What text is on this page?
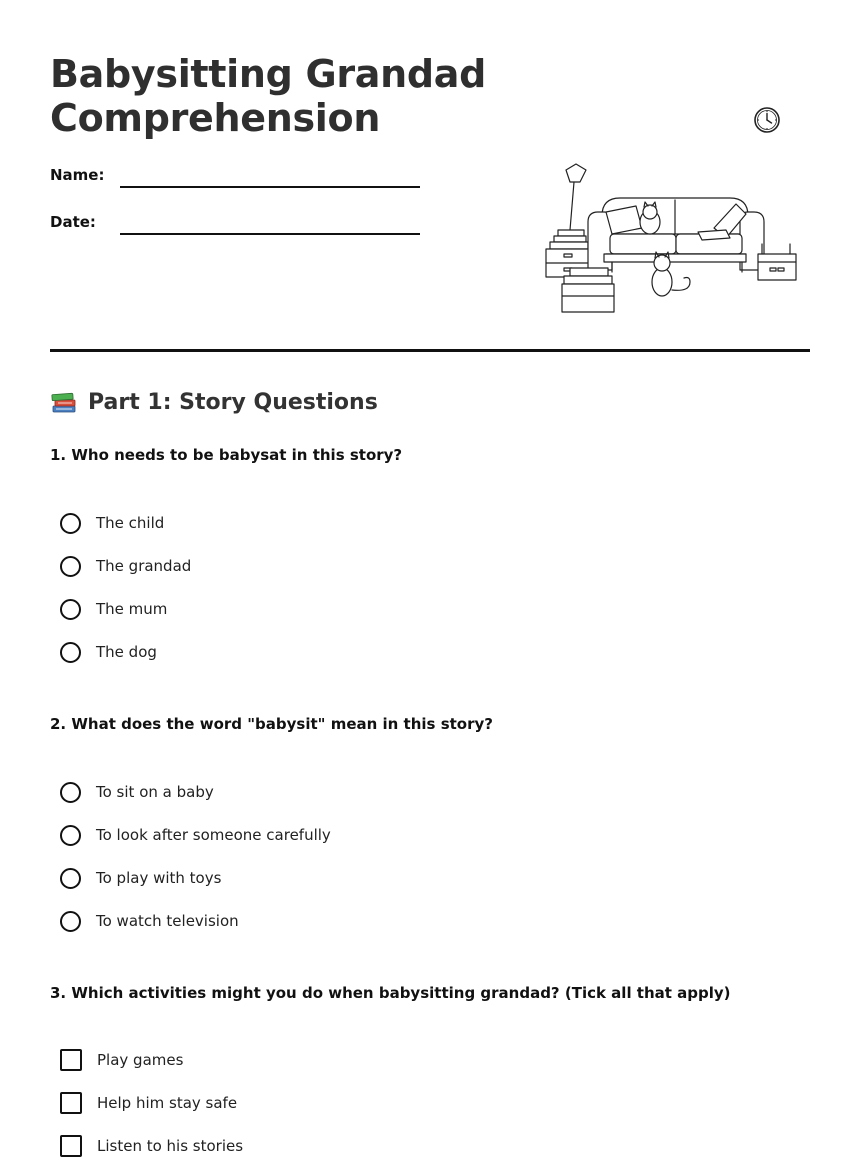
Babysitting Grandad
Comprehension
Name:
Date:
Part 1: Story Questions

1. Who needs to be babysat in this story?

The child
The grandad
The mum
The dog

2. What does the word "babysit" mean in this story?

To sit on a baby
To look after someone carefully
To play with toys
To watch television

3. Which activities might you do when babysitting grandad? (Tick all that apply)

Play games
Help him stay safe
Listen to his stories
